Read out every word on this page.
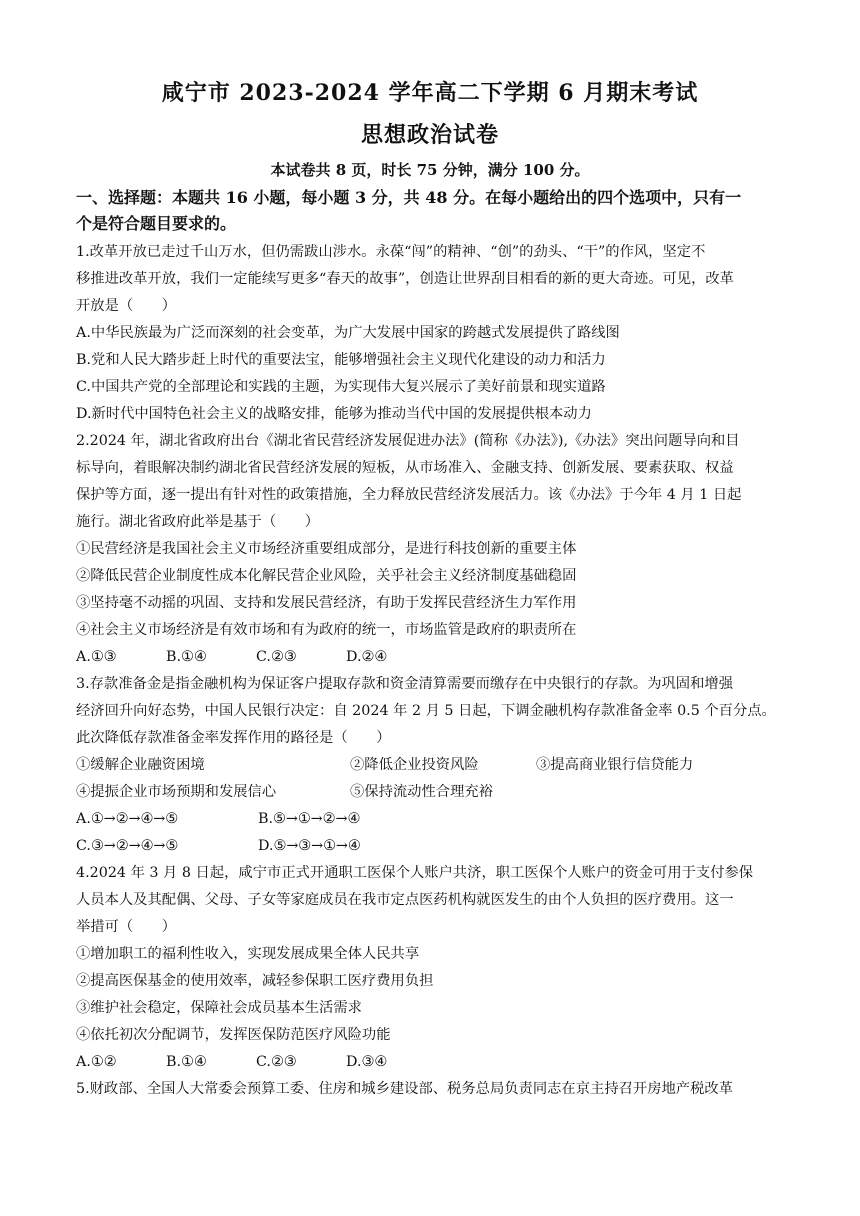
咸宁市 2023-2024 学年高二下学期 6 月期末考试
思想政治试卷
本试卷共 8 页，时长 75 分钟，满分 100 分。
一、选择题：本题共 16 小题，每小题 3 分，共 48 分。在每小题给出的四个选项中，只有一
个是符合题目要求的。
1.改革开放已走过千山万水，但仍需跋山涉水。永葆“闯”的精神、“创”的劲头、“干”的作风，坚定不
移推进改革开放，我们一定能续写更多“春天的故事”，创造让世界刮目相看的新的更大奇迹。可见，改革
开放是（　　）
A.中华民族最为广泛而深刻的社会变革，为广大发展中国家的跨越式发展提供了路线图
B.党和人民大踏步赶上时代的重要法宝，能够增强社会主义现代化建设的动力和活力
C.中国共产党的全部理论和实践的主题，为实现伟大复兴展示了美好前景和现实道路
D.新时代中国特色社会主义的战略安排，能够为推动当代中国的发展提供根本动力
2.2024 年，湖北省政府出台《湖北省民营经济发展促进办法》(简称《办法》),《办法》突出问题导向和目
标导向，着眼解决制约湖北省民营经济发展的短板，从市场准入、金融支持、创新发展、要素获取、权益
保护等方面，逐一提出有针对性的政策措施，全力释放民营经济发展活力。该《办法》于今年 4 月 1 日起
施行。湖北省政府此举是基于（　　）
①民营经济是我国社会主义市场经济重要组成部分，是进行科技创新的重要主体
②降低民营企业制度性成本化解民营企业风险，关乎社会主义经济制度基础稳固
③坚持毫不动摇的巩固、支持和发展民营经济，有助于发挥民营经济生力军作用
④社会主义市场经济是有效市场和有为政府的统一，市场监管是政府的职责所在
A.①③	B.①④	C.②③	D.②④
3.存款准备金是指金融机构为保证客户提取存款和资金清算需要而缴存在中央银行的存款。为巩固和增强
经济回升向好态势，中国人民银行决定：自 2024 年 2 月 5 日起，下调金融机构存款准备金率 0.5 个百分点。
此次降低存款准备金率发挥作用的路径是（　　）
①缓解企业融资困境	②降低企业投资风险	③提高商业银行信贷能力
④提振企业市场预期和发展信心	⑤保持流动性合理充裕
A.①→②→④→⑤	B.⑤→①→②→④
C.③→②→④→⑤	D.⑤→③→①→④
4.2024 年 3 月 8 日起，咸宁市正式开通职工医保个人账户共济，职工医保个人账户的资金可用于支付参保
人员本人及其配偶、父母、子女等家庭成员在我市定点医药机构就医发生的由个人负担的医疗费用。这一
举措可（　　）
①增加职工的福利性收入，实现发展成果全体人民共享
②提高医保基金的使用效率，减轻参保职工医疗费用负担
③维护社会稳定，保障社会成员基本生活需求
④依托初次分配调节，发挥医保防范医疗风险功能
A.①②	B.①④	C.②③	D.③④
5.财政部、全国人大常委会预算工委、住房和城乡建设部、税务总局负责同志在京主持召开房地产税改革
